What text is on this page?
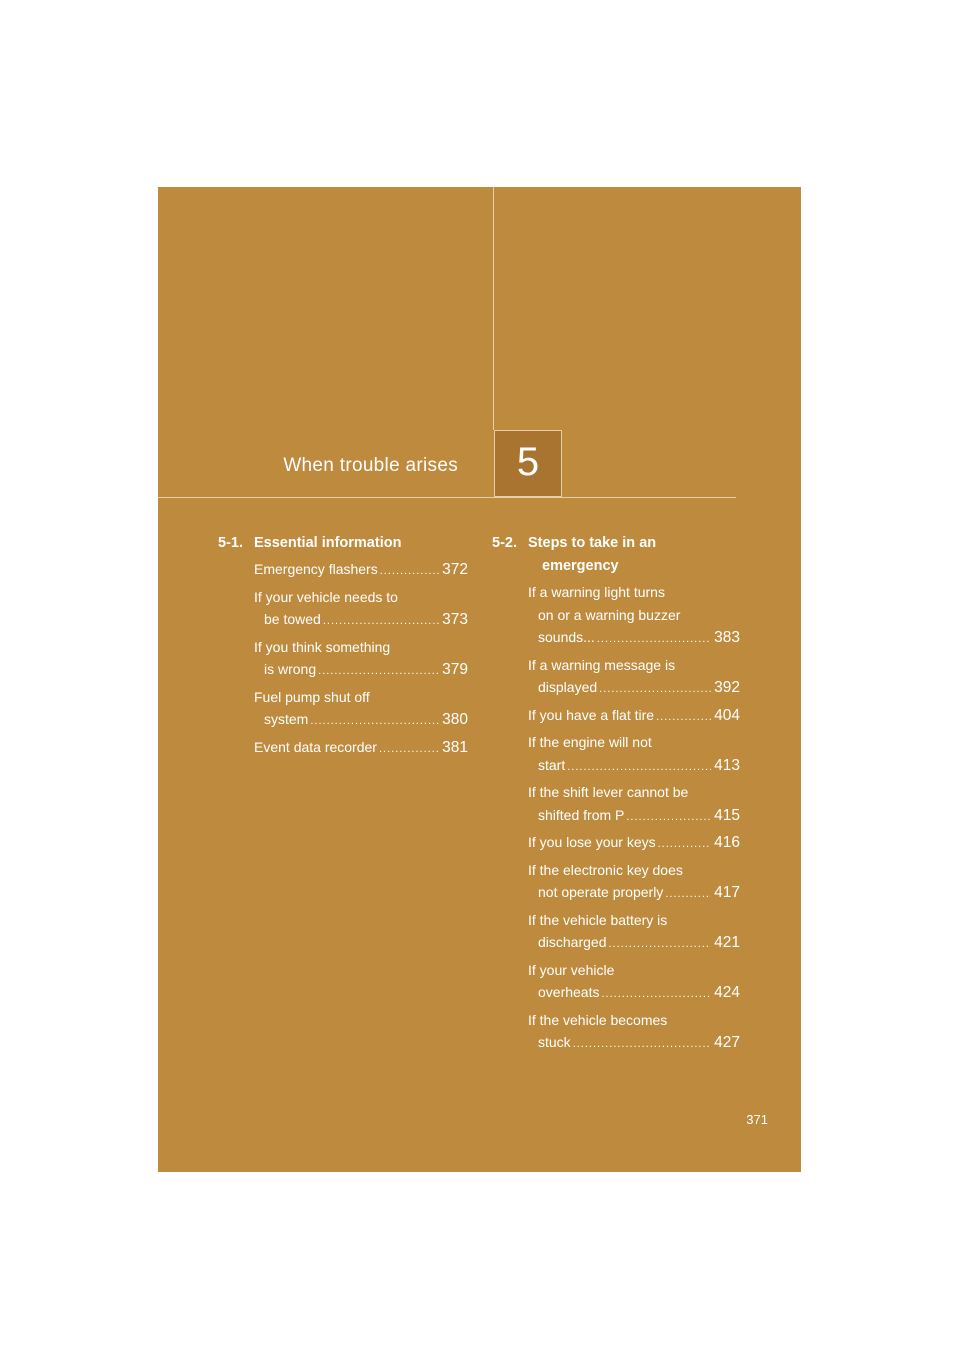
When trouble arises	5
5-1. Essential information
Emergency flashers .....	372
If your vehicle needs to
be towed .....	373
If you think something
is wrong .....	379
Fuel pump shut off
system .....	380
Event data recorder .....	381
5-2. Steps to take in an
emergency
If a warning light turns
on or a warning buzzer
sounds... .....	383
If a warning message is
displayed .....	392
If you have a flat tire .....	404
If the engine will not
start .....	413
If the shift lever cannot be
shifted from P .....	415
If you lose your keys .....	416
If the electronic key does
not operate properly .....	417
If the vehicle battery is
discharged .....	421
If your vehicle
overheats .....	424
If the vehicle becomes
stuck .....	427
371
